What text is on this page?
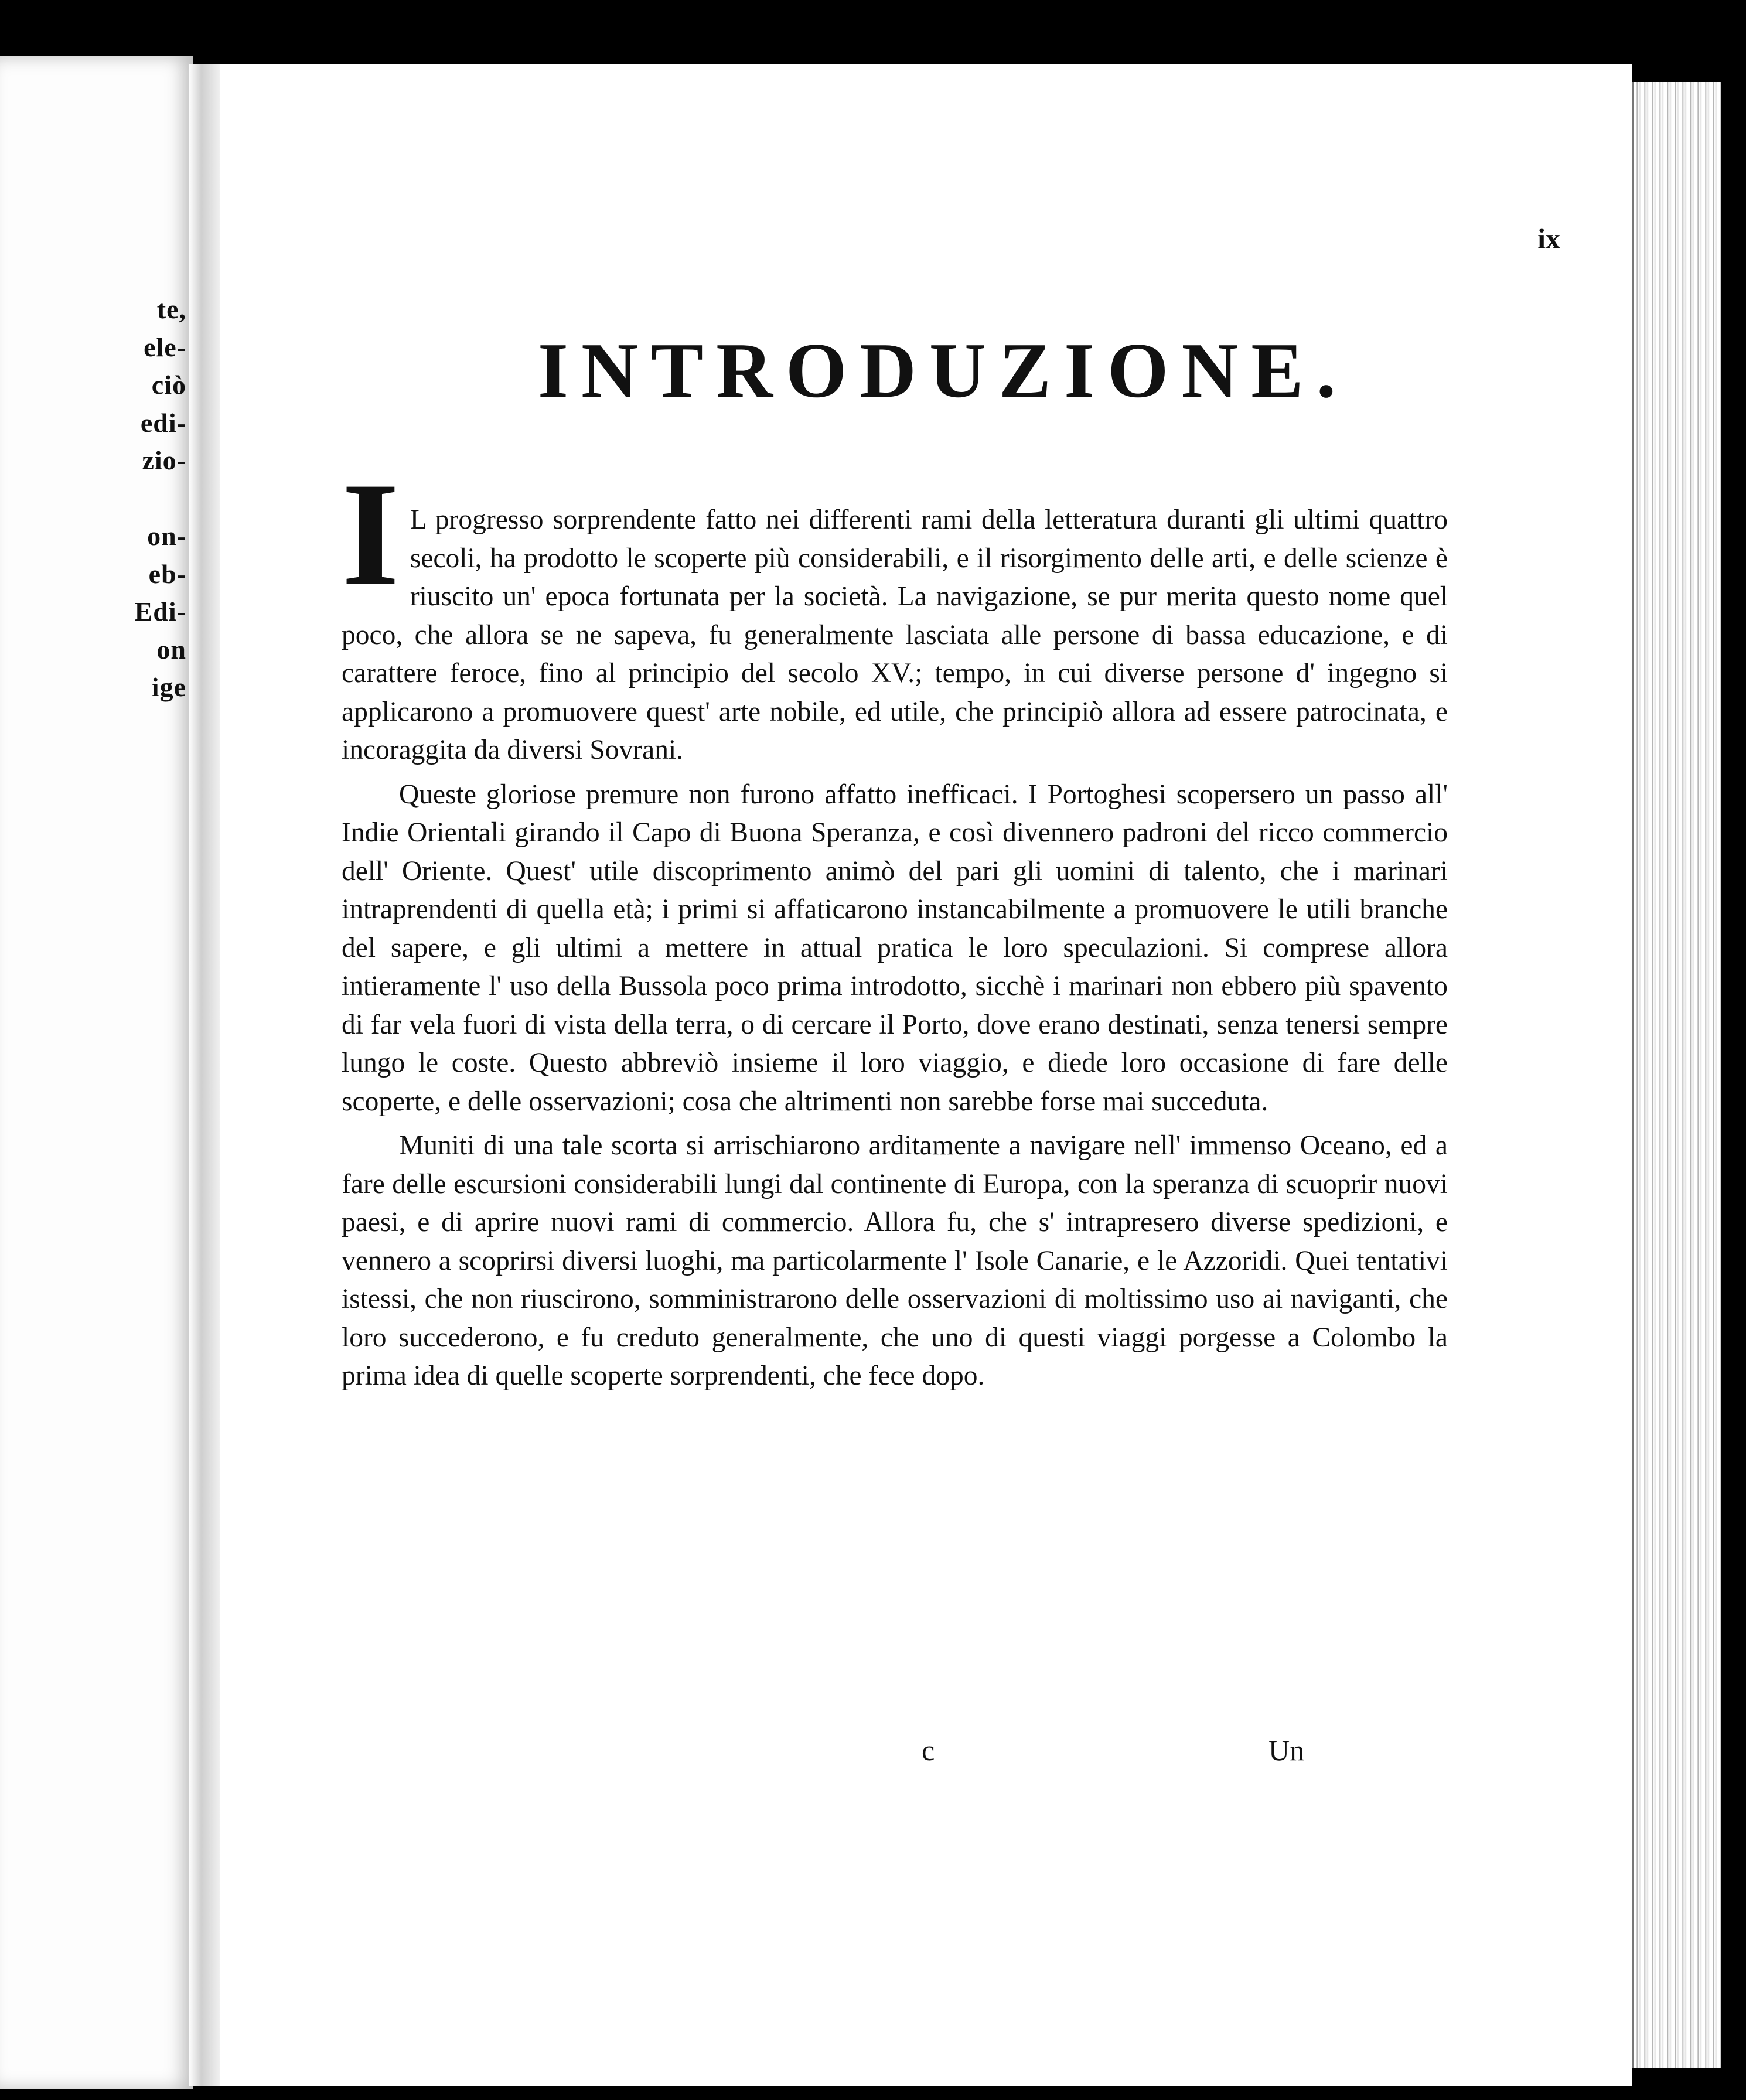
te,
ele-
ciò
edi-
zio-
on-
eb-
Edi-
on
ige
ix
INTRODUZIONE.

I L progresso sorprendente fatto nei differenti rami della letteratura duranti gli ultimi quattro secoli, ha prodotto le scoperte più considerabili, e il risorgimento delle arti, e delle scienze è riuscito un' epoca fortunata per la società. La navigazione, se pur merita questo nome quel poco, che allora se ne sapeva, fu generalmente lasciata alle persone di bassa educazione, e di carattere feroce, fino al principio del secolo XV.; tempo, in cui diverse persone d' ingegno si applicarono a promuovere quest' arte nobile, ed utile, che principiò allora ad essere patrocinata, e incoraggita da diversi Sovrani.

Queste gloriose premure non furono affatto inefficaci. I Portoghesi scopersero un passo all' Indie Orientali girando il Capo di Buona Speranza, e così divennero padroni del ricco commercio dell' Oriente. Quest' utile discoprimento animò del pari gli uomini di talento, che i marinari intraprendenti di quella età; i primi si affaticarono instancabilmente a promuovere le utili branche del sapere, e gli ultimi a mettere in attual pratica le loro speculazioni. Si comprese allora intieramente l' uso della Bussola poco prima introdotto, sicchè i marinari non ebbero più spavento di far vela fuori di vista della terra, o di cercare il Porto, dove erano destinati, senza tenersi sempre lungo le coste. Questo abbreviò insieme il loro viaggio, e diede loro occasione di fare delle scoperte, e delle osservazioni; cosa che altrimenti non sarebbe forse mai succeduta.

Muniti di una tale scorta si arrischiarono arditamente a navigare nell' immenso Oceano, ed a fare delle escursioni considerabili lungi dal continente di Europa, con la speranza di scuoprir nuovi paesi, e di aprire nuovi rami di commercio. Allora fu, che s' intrapresero diverse spedizioni, e vennero a scoprirsi diversi luoghi, ma particolarmente l' Isole Canarie, e le Azzoridi. Quei tentativi istessi, che non riuscirono, somministrarono delle osservazioni di moltissimo uso ai naviganti, che loro succederono, e fu creduto generalmente, che uno di questi viaggi porgesse a Colombo la prima idea di quelle scoperte sorprendenti, che fece dopo.

c	Un
